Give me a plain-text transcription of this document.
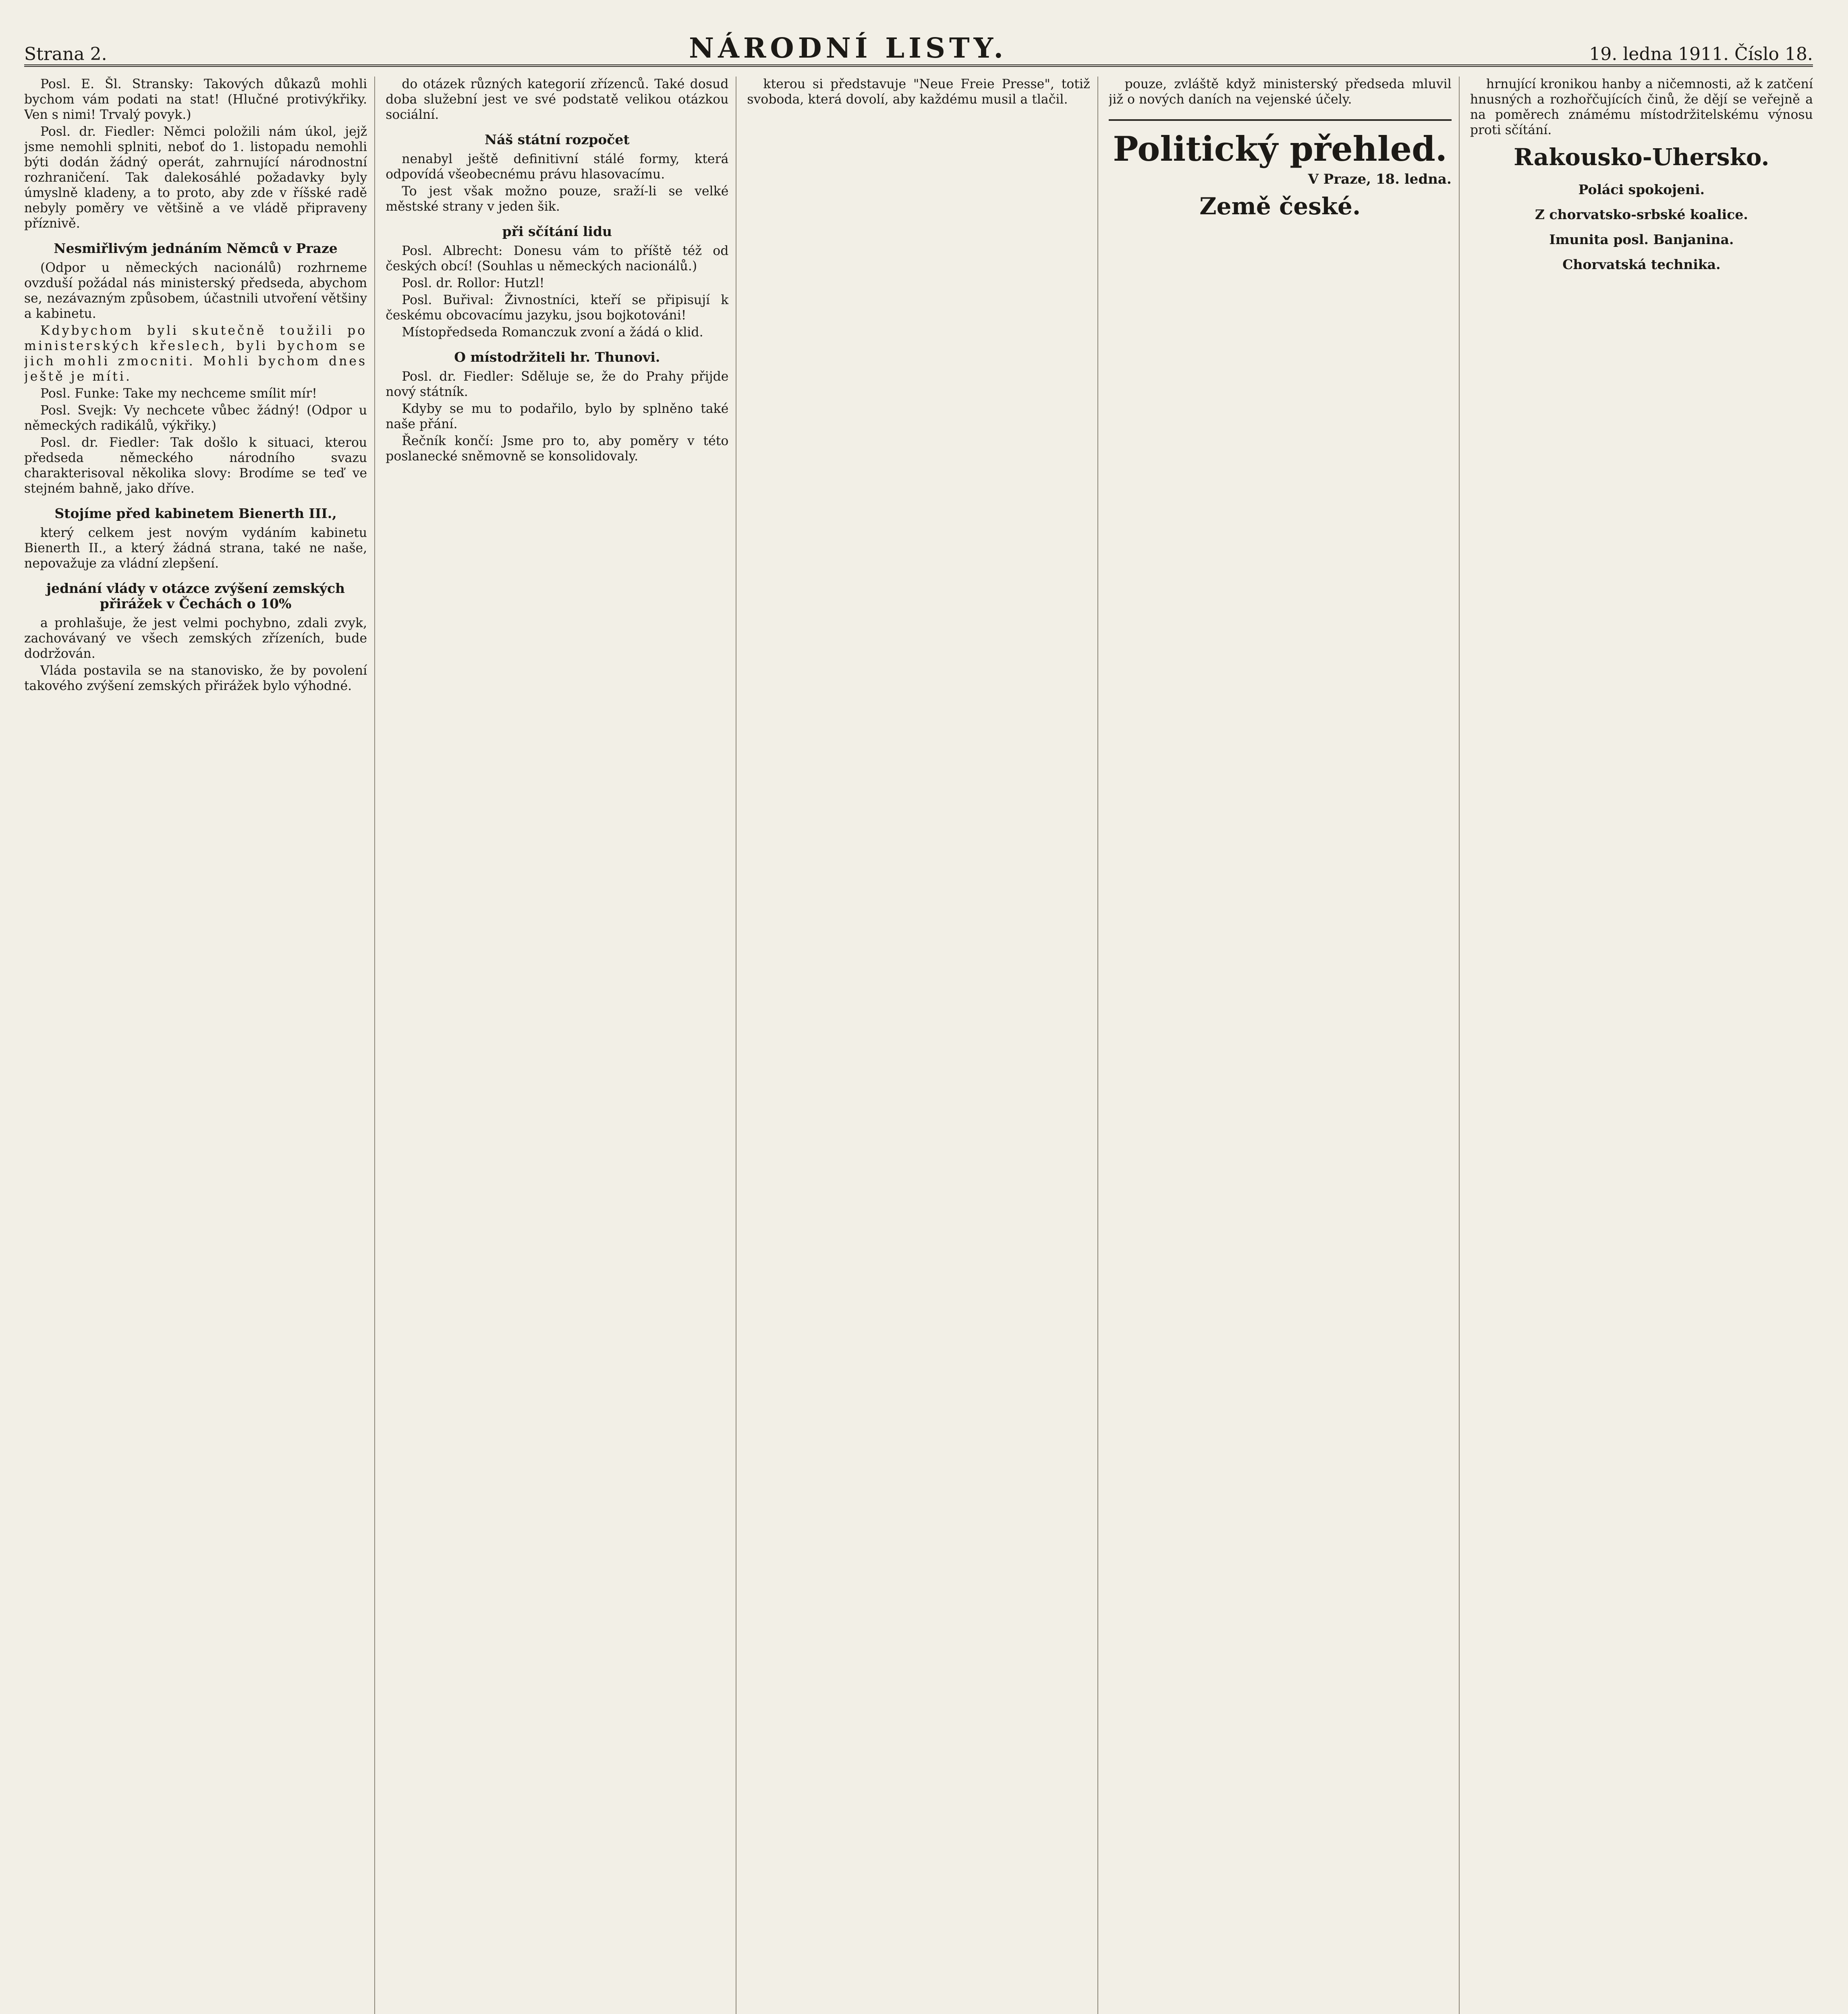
Strana 2.	NÁRODNÍ LISTY.	19. ledna 1911. Číslo 18.

Posl. E. Šl. Stransky: Takových důkazů mohli bychom vám podati na stat! (Hlučné protivýkřiky. Ven s nimi! Trvalý povyk.)

Posl. dr. Fiedler: Němci položili nám úkol, jejž jsme nemohli splniti, neboť do 1. listopadu nemohli býti dodán žádný operát, zahrnující národnostní rozhraničení. Tak dalekosáhlé požadavky byly úmyslně kladeny, a to proto, aby zde v říšské radě nebyly poměry ve většině a ve vládě připraveny příznivě.

Nesmiřlivým jednáním Němců v Praze

(Odpor u německých nacionálů) rozhrneme ovzduší požádal nás ministerský předseda, abychom se, nezávazným způsobem, účastnili utvoření většiny a kabinetu.

Kdybychom byli skutečně toužili po ministerských křeslech, byli bychom se jich mohli zmocniti. Mohli bychom dnes ještě je míti.

Posl. Funke: Take my nechceme smílit mír!

Posl. Svejk: Vy nechcete vůbec žádný! (Odpor u německých radikálů, výkřiky.)

Posl. dr. Fiedler: Tak došlo k situaci, kterou předseda německého národního svazu charakterisoval několika slovy: Brodíme se teď ve stejném bahně, jako dříve.

Stojíme před kabinetem Bienerth III.,

který celkem jest novým vydáním kabinetu Bienerth II., a který žádná strana, také ne naše, nepovažuje za vládní zlepšení.

jednání vlády v otázce zvýšení zemských přirážek v Čechách o 10%

a prohlašuje, že jest velmi pochybno, zdali zvyk, zachovávaný ve všech zemských zřízeních, bude dodržován.

Vláda postavila se na stanovisko, že by povolení takového zvýšení zemských přirážek bylo výhodné.

do otázek různých kategorií zřízenců. Také dosud doba služební jest ve své podstatě velikou otázkou sociální.

Náš státní rozpočet

nenabyl ještě definitivní stálé formy, která odpovídá všeobecnému právu hlasovacímu.

To jest však možno pouze, sraží-li se velké městské strany v jeden šik.

při sčítání lidu

Posl. Albrecht: Donesu vám to příště též od českých obcí! (Souhlas u německých nacionálů.)

Posl. dr. Rollor: Hutzl!

Posl. Buřival: Živnostníci, kteří se připisují k českému obcovacímu jazyku, jsou bojkotováni!

Místopředseda Romanczuk zvoní a žádá o klid.

O místodržiteli hr. Thunovi.

Posl. dr. Fiedler: Sděluje se, že do Prahy přijde nový státník.

Kdyby se mu to podařilo, bylo by splněno také naše přání.

Řečník končí: Jsme pro to, aby poměry v této poslanecké sněmovně se konsolidovaly.

kterou si představuje "Neue Freie Presse", totiž svoboda, která dovolí, aby každému musil a tlačil.

pouze, zvláště když ministerský předseda mluvil již o nových daních na vejenské účely.

Politický přehled.
V Praze, 18. ledna.
Země české.

hrnující kronikou hanby a ničemnosti, až k zatčení hnusných a rozhořčujících činů, že dějí se veřejně a na poměrech známému místodržitelskému výnosu proti sčítání.

Rakousko-Uhersko.
Poláci spokojeni.
Z chorvatsko-srbské koalice.
Imunita posl. Banjanina.
Chorvatská technika.
